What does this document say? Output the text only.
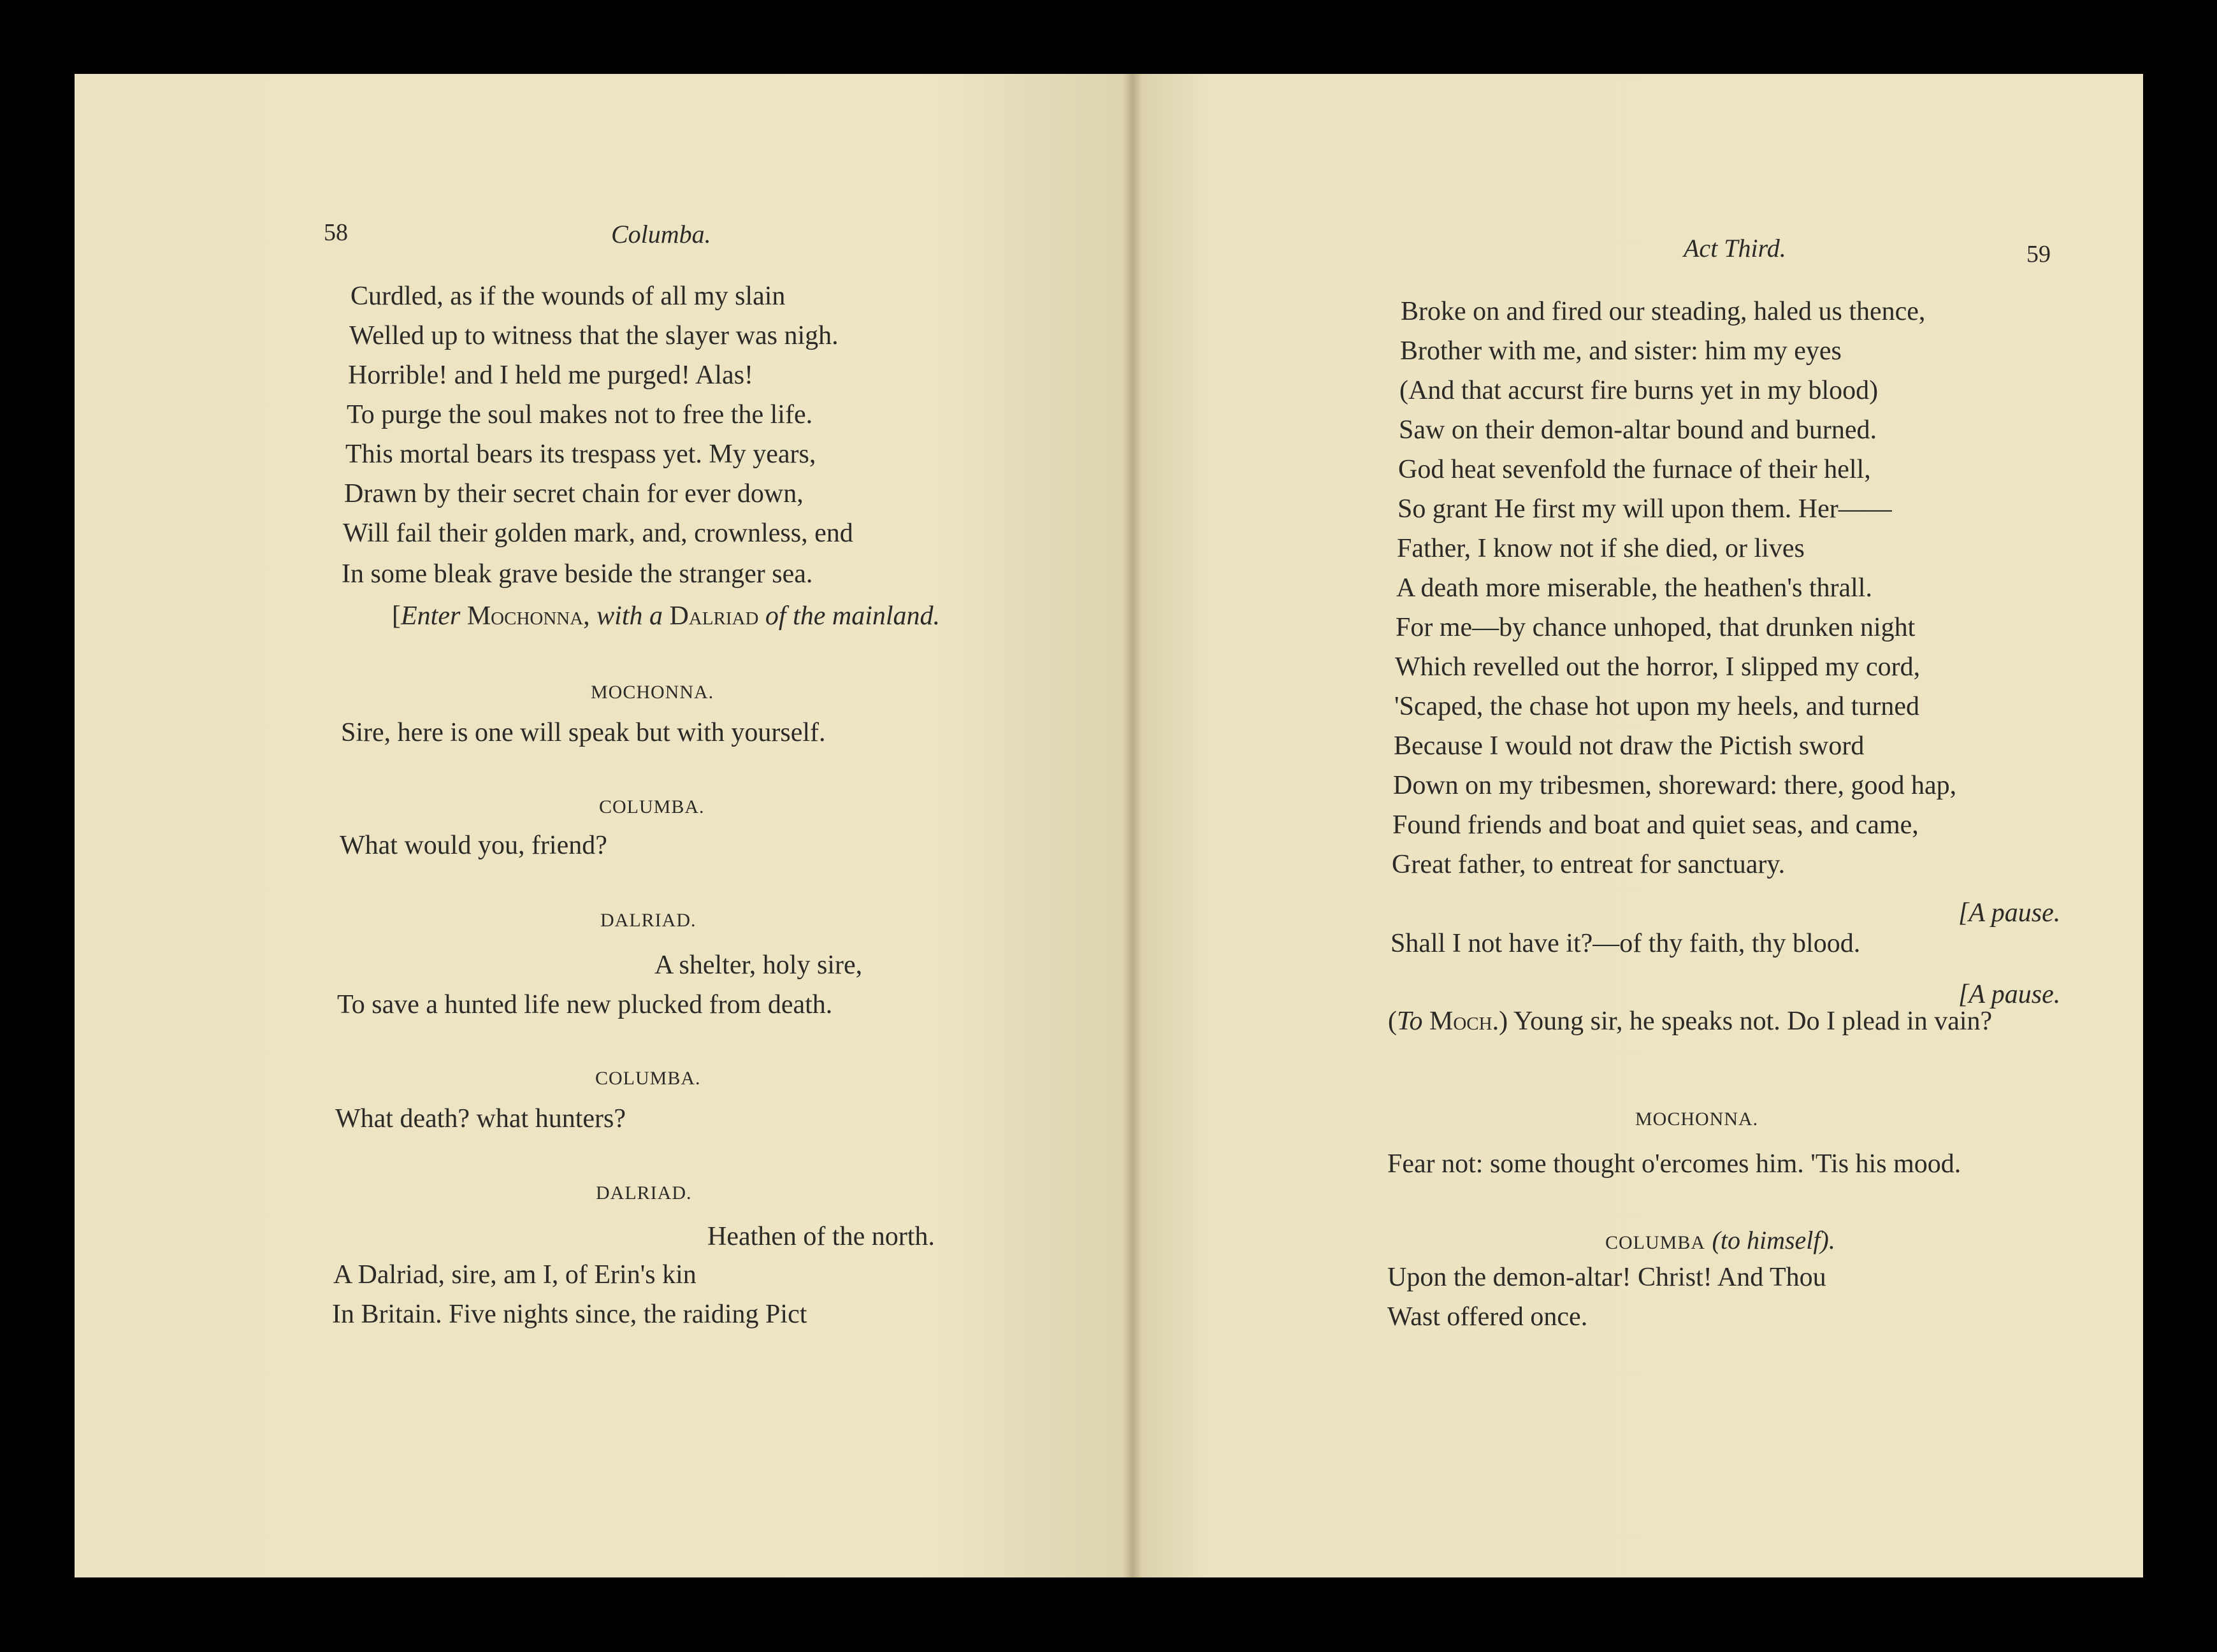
58	Columba.
Curdled, as if the wounds of all my slain
Welled up to witness that the slayer was nigh.
Horrible! and I held me purged! Alas!
To purge the soul makes not to free the life.
This mortal bears its trespass yet. My years,
Drawn by their secret chain for ever down,
Will fail their golden mark, and, crownless, end
In some bleak grave beside the stranger sea.
[Enter Mochonna, with a Dalriad of the mainland.
MOCHONNA.
Sire, here is one will speak but with yourself.
COLUMBA.
What would you, friend?
DALRIAD.
A shelter, holy sire,
To save a hunted life new plucked from death.
COLUMBA.
What death? what hunters?
DALRIAD.
Heathen of the north.
A Dalriad, sire, am I, of Erin's kin
In Britain. Five nights since, the raiding Pict
Act Third.	59
Broke on and fired our steading, haled us thence,
Brother with me, and sister: him my eyes
(And that accurst fire burns yet in my blood)
Saw on their demon-altar bound and burned.
God heat sevenfold the furnace of their hell,
So grant He first my will upon them. Her——
Father, I know not if she died, or lives
A death more miserable, the heathen's thrall.
For me—by chance unhoped, that drunken night
Which revelled out the horror, I slipped my cord,
'Scaped, the chase hot upon my heels, and turned
Because I would not draw the Pictish sword
Down on my tribesmen, shoreward: there, good hap,
Found friends and boat and quiet seas, and came,
Great father, to entreat for sanctuary.
[A pause.
Shall I not have it?—of thy faith, thy blood.
[A pause.
(To Moch.) Young sir, he speaks not. Do I plead in vain?
MOCHONNA.
Fear not: some thought o'ercomes him. 'Tis his mood.
COLUMBA (to himself).
Upon the demon-altar! Christ! And Thou
Wast offered once.
